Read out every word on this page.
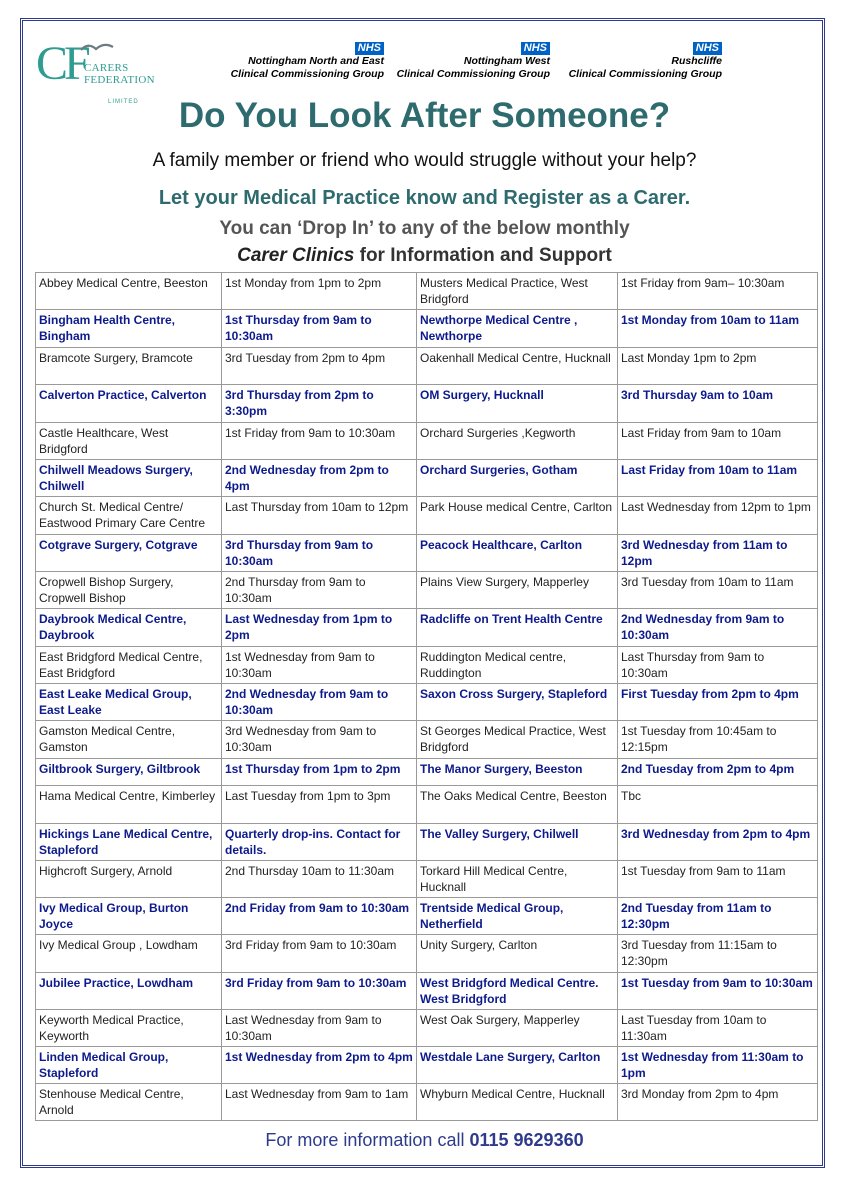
CF
CARERS
FEDERATION
LIMITED
NHS
Nottingham North and East
Clinical Commissioning Group
NHS
Nottingham West
Clinical Commissioning Group
NHS
Rushcliffe
Clinical Commissioning Group
Do You Look After Someone?
A family member or friend who would struggle without your help?
Let your Medical Practice know and Register as a Carer.
You can ‘Drop In’ to any of the below monthly
Carer Clinics for Information and Support
Abbey Medical Centre, Beeston	1st Monday from 1pm to 2pm	Musters Medical Practice, West Bridgford	1st Friday from 9am– 10:30am
Bingham Health Centre, Bingham	1st Thursday from 9am to 10:30am	Newthorpe Medical Centre , Newthorpe	1st Monday from 10am to 11am
Bramcote Surgery, Bramcote	3rd Tuesday from 2pm to 4pm	Oakenhall Medical Centre, Hucknall	Last Monday 1pm to 2pm
Calverton Practice, Calverton	3rd Thursday from 2pm to 3:30pm	OM Surgery, Hucknall	3rd Thursday 9am to 10am
Castle Healthcare, West Bridgford	1st Friday from 9am to 10:30am	Orchard Surgeries ,Kegworth	Last Friday from 9am to 10am
Chilwell Meadows Surgery, Chilwell	2nd Wednesday from 2pm to 4pm	Orchard Surgeries, Gotham	Last Friday from 10am to 11am
Church St. Medical Centre/ Eastwood Primary Care Centre	Last Thursday from 10am to 12pm	Park House medical Centre, Carlton	Last Wednesday from 12pm to 1pm
Cotgrave Surgery, Cotgrave	3rd Thursday from 9am to 10:30am	Peacock Healthcare, Carlton	3rd Wednesday from 11am to 12pm
Cropwell Bishop Surgery, Cropwell Bishop	2nd Thursday from 9am to 10:30am	Plains View Surgery, Mapperley	3rd Tuesday from 10am to 11am
Daybrook Medical Centre, Daybrook	Last Wednesday from 1pm to 2pm	Radcliffe on Trent Health Centre	2nd Wednesday from 9am to 10:30am
East Bridgford Medical Centre, East Bridgford	1st Wednesday from 9am to 10:30am	Ruddington Medical centre, Ruddington	Last Thursday from 9am to 10:30am
East Leake Medical Group, East Leake	2nd Wednesday from 9am to 10:30am	Saxon Cross Surgery, Stapleford	First Tuesday from 2pm to 4pm
Gamston Medical Centre, Gamston	3rd Wednesday from 9am to 10:30am	St Georges Medical Practice, West Bridgford	1st Tuesday from 10:45am to 12:15pm
Giltbrook Surgery, Giltbrook	1st Thursday from 1pm to 2pm	The Manor Surgery, Beeston	2nd Tuesday from 2pm to 4pm
Hama Medical Centre, Kimberley	Last Tuesday from 1pm to 3pm	The Oaks Medical Centre, Beeston	Tbc
Hickings Lane Medical Centre, Stapleford	Quarterly drop-ins. Contact for details.	The Valley Surgery, Chilwell	3rd Wednesday from 2pm to 4pm
Highcroft Surgery, Arnold	2nd Thursday 10am to 11:30am	Torkard Hill Medical Centre, Hucknall	1st Tuesday from 9am to 11am
Ivy Medical Group, Burton Joyce	2nd Friday from 9am to 10:30am	Trentside Medical Group, Netherfield	2nd Tuesday from 11am to 12:30pm
Ivy Medical Group , Lowdham	3rd Friday from 9am to 10:30am	Unity Surgery, Carlton	3rd Tuesday from 11:15am to 12:30pm
Jubilee Practice, Lowdham	3rd Friday from 9am to 10:30am	West Bridgford Medical Centre. West Bridgford	1st Tuesday from 9am to 10:30am
Keyworth Medical Practice, Keyworth	Last Wednesday from 9am to 10:30am	West Oak Surgery, Mapperley	Last Tuesday from 10am to 11:30am
Linden Medical Group, Stapleford	1st Wednesday from 2pm to 4pm	Westdale Lane Surgery, Carlton	1st Wednesday from 11:30am to 1pm
Stenhouse Medical Centre, Arnold	Last Wednesday from 9am to 1am	Whyburn Medical Centre, Hucknall	3rd Monday from 2pm to 4pm
For more information call 0115 9629360
